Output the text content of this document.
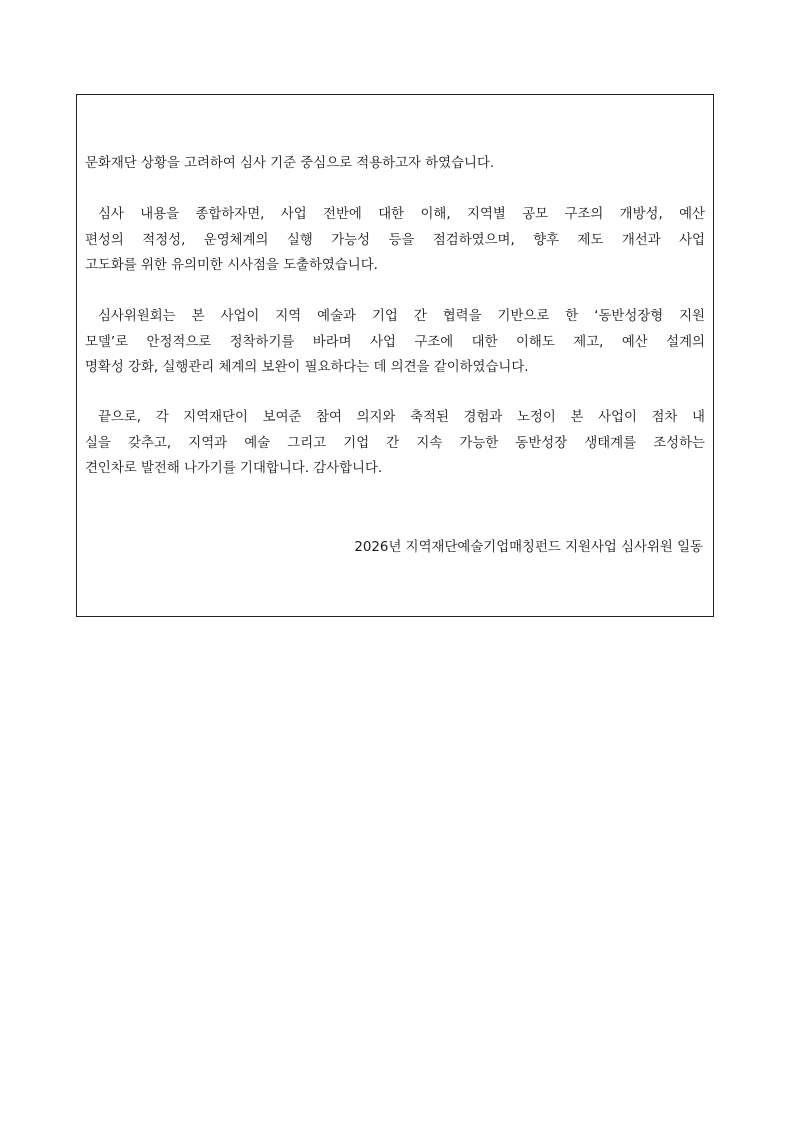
문화재단 상황을 고려하여 심사 기준 중심으로 적용하고자 하였습니다.

심사 내용을 종합하자면, 사업 전반에 대한 이해, 지역별 공모 구조의 개방성, 예산
편성의 적정성, 운영체계의 실행 가능성 등을 점검하였으며, 향후 제도 개선과 사업
고도화를 위한 유의미한 시사점을 도출하였습니다.

심사위원회는 본 사업이 지역 예술과 기업 간 협력을 기반으로 한 ‘동반성장형 지원
모델’로 안정적으로 정착하기를 바라며 사업 구조에 대한 이해도 제고, 예산 설계의
명확성 강화, 실행관리 체계의 보완이 필요하다는 데 의견을 같이하였습니다.

끝으로, 각 지역재단이 보여준 참여 의지와 축적된 경험과 노정이 본 사업이 점차 내
실을 갖추고, 지역과 예술 그리고 기업 간 지속 가능한 동반성장 생태계를 조성하는
견인차로 발전해 나가기를 기대합니다. 감사합니다.

2026년 지역재단예술기업매칭펀드 지원사업 심사위원 일동
